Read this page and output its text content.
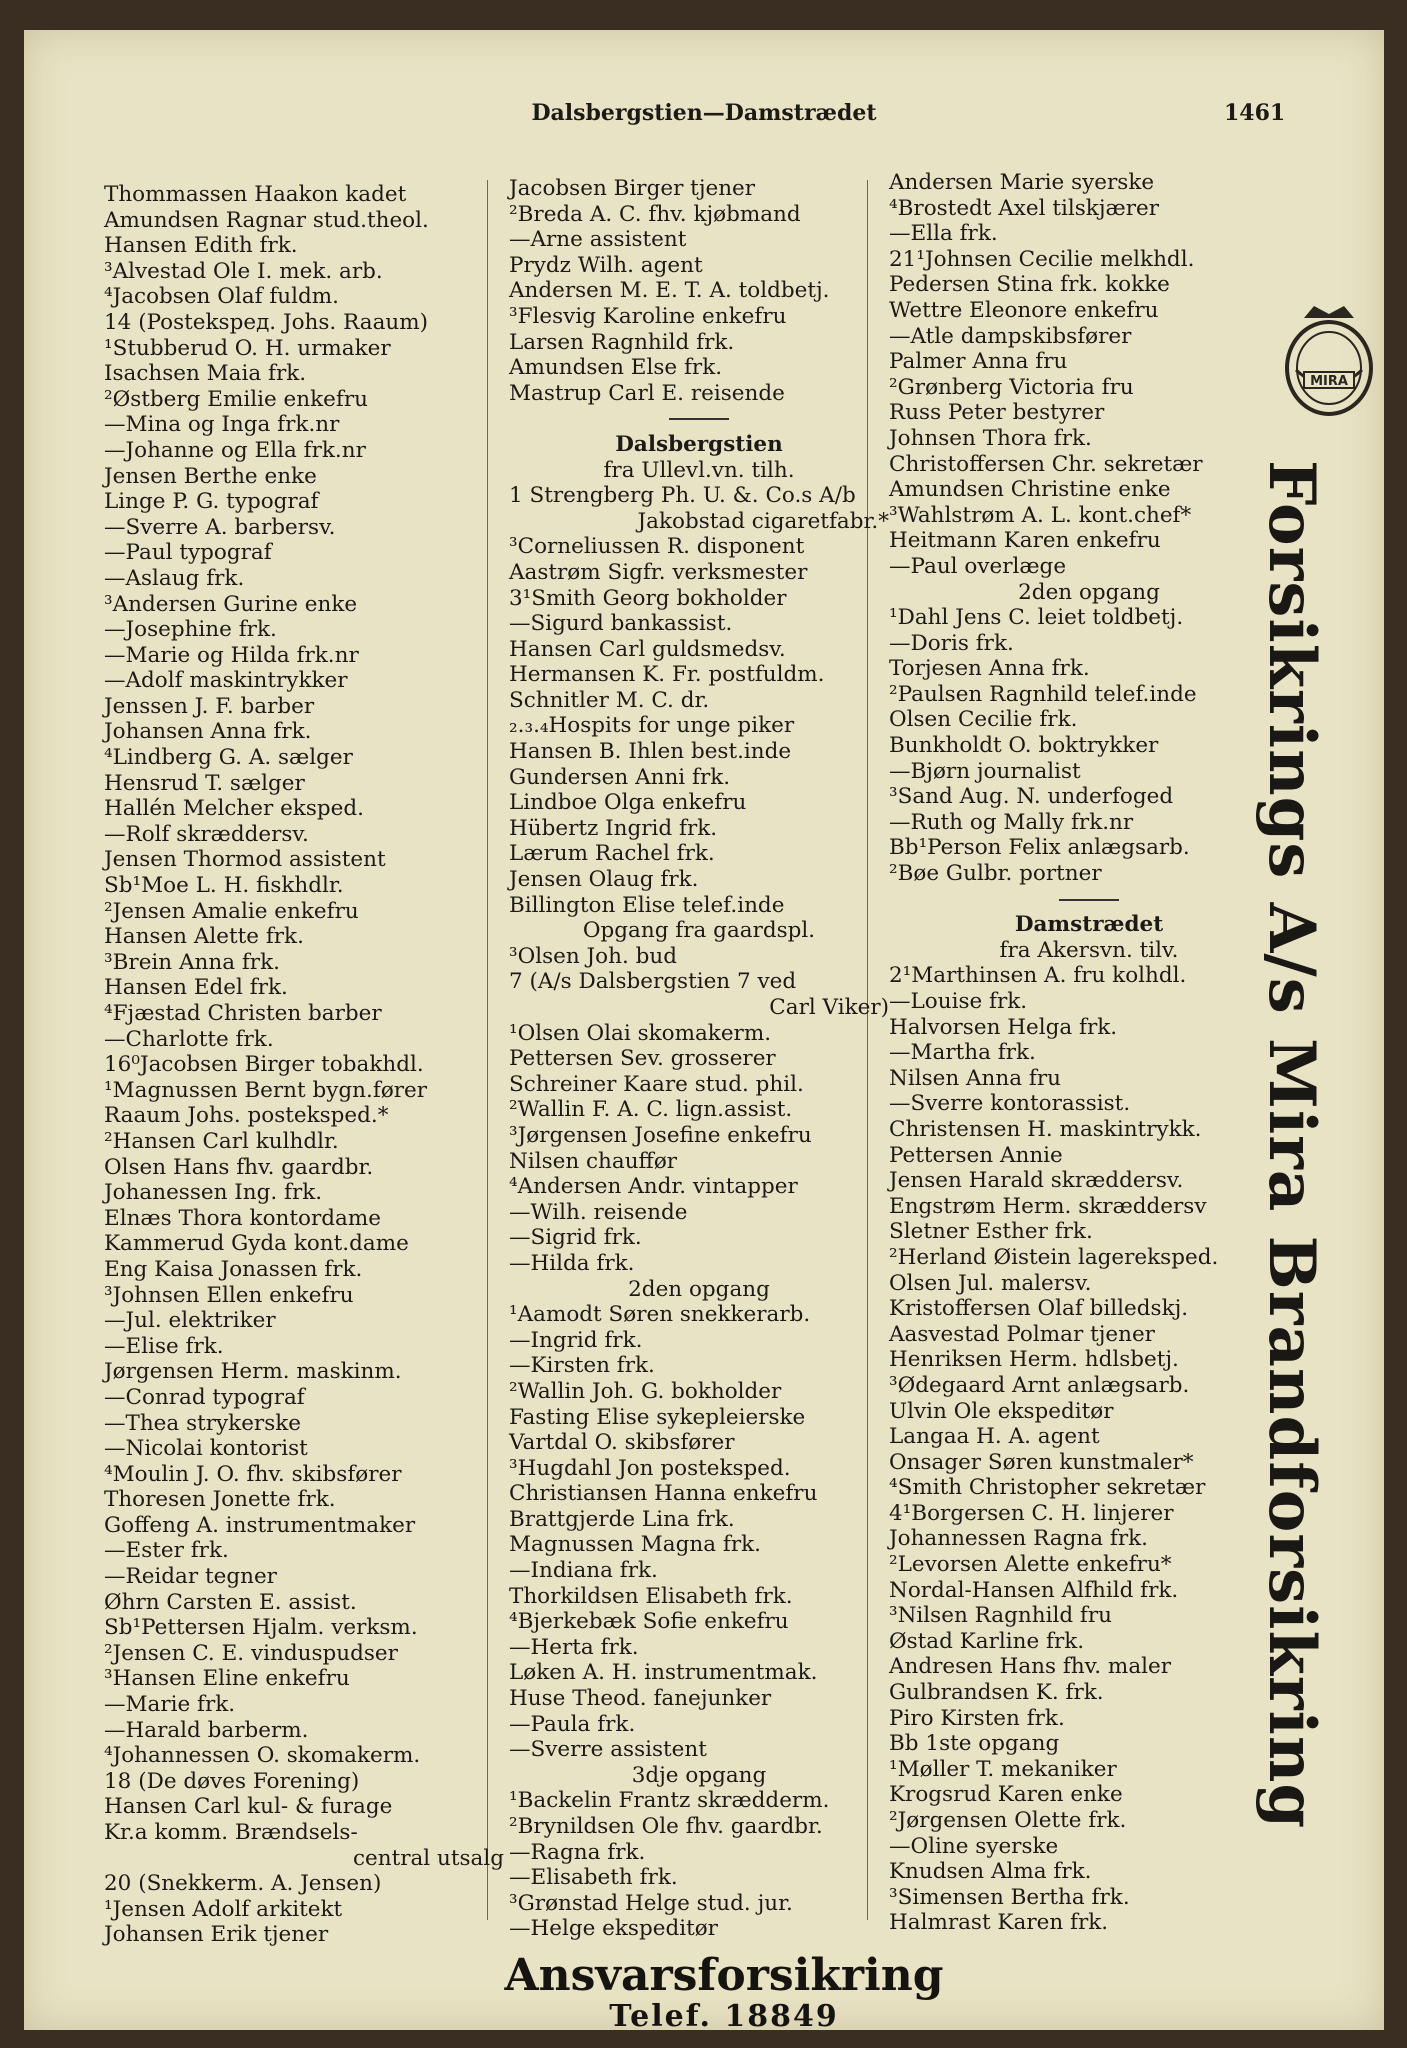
Dalsbergstien—Damstrædet	1461
Thommassen Haakon kadet
Amundsen Ragnar stud.theol.
Hansen Edith frk.
³Alvestad Ole I. mek. arb.
⁴Jacobsen Olaf fuldm.
14 (Postekspeд. Johs. Raaum)
¹Stubberud O. H. urmaker
Isachsen Maia frk.
²Østberg Emilie enkefru
—Mina og Inga frk.nr
—Johanne og Ella frk.nr
Jensen Berthe enke
Linge P. G. typograf
—Sverre A. barbersv.
—Paul typograf
—Aslaug frk.
³Andersen Gurine enke
—Josephine frk.
—Marie og Hilda frk.nr
—Adolf maskintrykker
Jenssen J. F. barber
Johansen Anna frk.
⁴Lindberg G. A. sælger
Hensrud T. sælger
Hallén Melcher eksped.
—Rolf skræddersv.
Jensen Thormod assistent
Sb¹Moe L. H. fiskhdlr.
²Jensen Amalie enkefru
Hansen Alette frk.
³Brein Anna frk.
Hansen Edel frk.
⁴Fjæstad Christen barber
—Charlotte frk.
16⁰Jacobsen Birger tobakhdl.
¹Magnussen Bernt bygn.fører
Raaum Johs. posteksped.*
²Hansen Carl kulhdlr.
Olsen Hans fhv. gaardbr.
Johanessen Ing. frk.
Elnæs Thora kontordame
Kammerud Gyda kont.dame
Eng Kaisa Jonassen frk.
³Johnsen Ellen enkefru
—Jul. elektriker
—Elise frk.
Jørgensen Herm. maskinm.
—Conrad typograf
—Thea strykerske
—Nicolai kontorist
⁴Moulin J. O. fhv. skibsfører
Thoresen Jonette frk.
Goffeng A. instrumentmaker
—Ester frk.
—Reidar tegner
Øhrn Carsten E. assist.
Sb¹Pettersen Hjalm. verksm.
²Jensen C. E. vinduspudser
³Hansen Eline enkefru
—Marie frk.
—Harald barberm.
⁴Johannessen O. skomakerm.
18 (De døves Forening)
Hansen Carl kul- & furage
Kr.a komm. Brændsels-
central utsalg
20 (Snekkerm. A. Jensen)
¹Jensen Adolf arkitekt
Johansen Erik tjener
Jacobsen Birger tjener
²Breda A. C. fhv. kjøbmand
—Arne assistent
Prydz Wilh. agent
Andersen M. E. T. A. toldbetj.
³Flesvig Karoline enkefru
Larsen Ragnhild frk.
Amundsen Else frk.
Mastrup Carl E. reisende
Dalsbergstien
fra Ullevl.vn. tilh.
1 Strengberg Ph. U. &. Co.s A/b
Jakobstad cigaretfabr.*
³Corneliussen R. disponent
Aastrøm Sigfr. verksmester
3¹Smith Georg bokholder
—Sigurd bankassist.
Hansen Carl guldsmedsv.
Hermansen K. Fr. postfuldm.
Schnitler M. C. dr.
₂.₃.₄Hospits for unge piker
Hansen B. Ihlen best.inde
Gundersen Anni frk.
Lindboe Olga enkefru
Hübertz Ingrid frk.
Lærum Rachel frk.
Jensen Olaug frk.
Billington Elise telef.inde
Opgang fra gaardspl.
³Olsen Joh. bud
7 (A/s Dalsbergstien 7 ved
Carl Viker)
¹Olsen Olai skomakerm.
Pettersen Sev. grosserer
Schreiner Kaare stud. phil.
²Wallin F. A. C. lign.assist.
³Jørgensen Josefine enkefru
Nilsen chauffør
⁴Andersen Andr. vintapper
—Wilh. reisende
—Sigrid frk.
—Hilda frk.
2den opgang
¹Aamodt Søren snekkerarb.
—Ingrid frk.
—Kirsten frk.
²Wallin Joh. G. bokholder
Fasting Elise sykepleierske
Vartdal O. skibsfører
³Hugdahl Jon posteksped.
Christiansen Hanna enkefru
Brattgjerde Lina frk.
Magnussen Magna frk.
—Indiana frk.
Thorkildsen Elisabeth frk.
⁴Bjerkebæk Sofie enkefru
—Herta frk.
Løken A. H. instrumentmak.
Huse Theod. fanejunker
—Paula frk.
—Sverre assistent
3dje opgang
¹Backelin Frantz skrædderm.
²Brynildsen Ole fhv. gaardbr.
—Ragna frk.
—Elisabeth frk.
³Grønstad Helge stud. jur.
—Helge ekspeditør
Andersen Marie syerske
⁴Brostedt Axel tilskjærer
—Ella frk.
21¹Johnsen Cecilie melkhdl.
Pedersen Stina frk. kokke
Wettre Eleonore enkefru
—Atle dampskibsfører
Palmer Anna fru
²Grønberg Victoria fru
Russ Peter bestyrer
Johnsen Thora frk.
Christoffersen Chr. sekretær
Amundsen Christine enke
³Wahlstrøm A. L. kont.chef*
Heitmann Karen enkefru
—Paul overlæge
2den opgang
¹Dahl Jens C. leiet toldbetj.
—Doris frk.
Torjesen Anna frk.
²Paulsen Ragnhild telef.inde
Olsen Cecilie frk.
Bunkholdt O. boktrykker
—Bjørn journalist
³Sand Aug. N. underfoged
—Ruth og Mally frk.nr
Bb¹Person Felix anlægsarb.
²Bøe Gulbr. portner
Damstrædet
fra Akersvn. tilv.
2¹Marthinsen A. fru kolhdl.
—Louise frk.
Halvorsen Helga frk.
—Martha frk.
Nilsen Anna fru
—Sverre kontorassist.
Christensen H. maskintrykk.
Pettersen Annie
Jensen Harald skræddersv.
Engstrøm Herm. skræddersv
Sletner Esther frk.
²Herland Øistein lagereksped.
Olsen Jul. malersv.
Kristoffersen Olaf billedskj.
Aasvestad Polmar tjener
Henriksen Herm. hdlsbetj.
³Ødegaard Arnt anlægsarb.
Ulvin Ole ekspeditør
Langaa H. A. agent
Onsager Søren kunstmaler*
⁴Smith Christopher sekretær
4¹Borgersen C. H. linjerer
Johannessen Ragna frk.
²Levorsen Alette enkefru*
Nordal-Hansen Alfhild frk.
³Nilsen Ragnhild fru
Østad Karline frk.
Andresen Hans fhv. maler
Gulbrandsen K. frk.
Piro Kirsten frk.
Bb 1ste opgang
¹Møller T. mekaniker
Krogsrud Karen enke
²Jørgensen Olette frk.
—Oline syerske
Knudsen Alma frk.
³Simensen Bertha frk.
Halmrast Karen frk.
MIRA
Forsikrings A/s Mira Brandforsikring
Ansvarsforsikring
Telef. 18849
